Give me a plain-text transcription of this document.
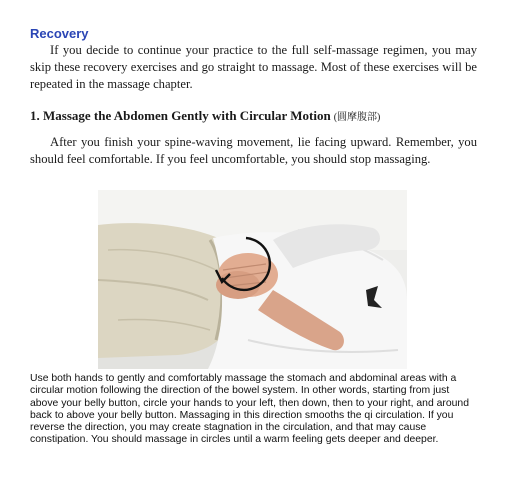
Recovery

If you decide to continue your practice to the full self-massage regimen, you may skip these recovery exercises and go straight to massage. Most of these exercises will be repeated in the massage chapter.

1. Massage the Abdomen Gently with Circular Motion (圓摩腹部)

After you finish your spine-waving movement, lie facing upward. Remember, you should feel comfortable. If you feel uncomfortable, you should stop massaging.

Use both hands to gently and comfortably massage the stomach and abdominal areas with a circular motion following the direction of the bowel system. In other words, starting from just above your belly button, circle your hands to your left, then down, then to your right, and around back to above your belly button. Massaging in this direction smooths the qi circulation. If you reverse the direction, you may create stagnation in the circulation, and that may cause constipation. You should massage in circles until a warm feeling gets deeper and deeper.
